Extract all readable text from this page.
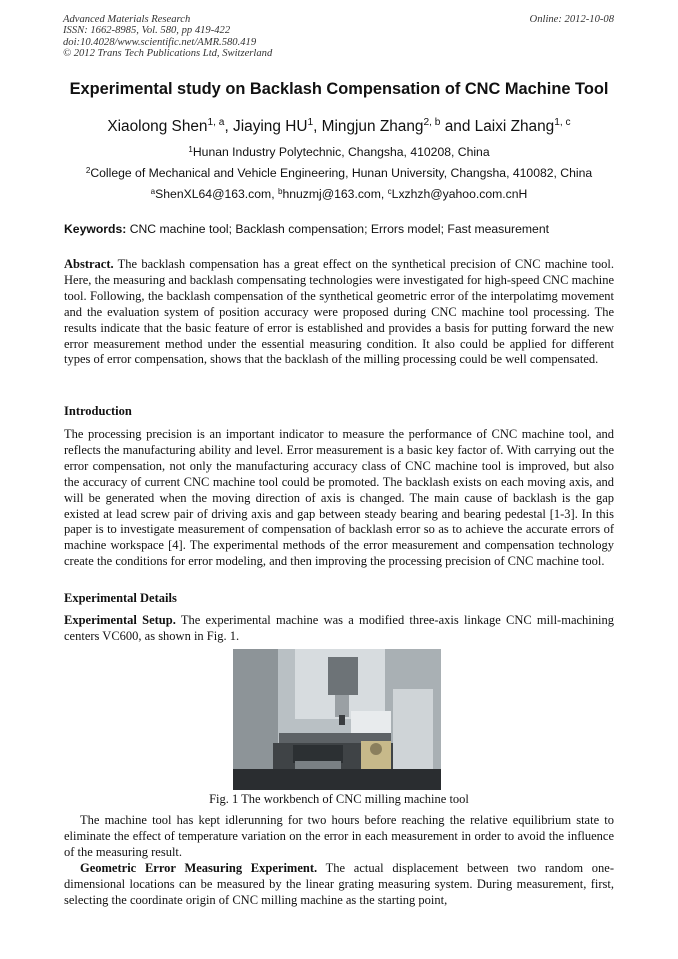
Advanced Materials Research
ISSN: 1662-8985, Vol. 580, pp 419-422
doi:10.4028/www.scientific.net/AMR.580.419
© 2012 Trans Tech Publications Ltd, Switzerland
Online: 2012-10-08
Experimental study on Backlash Compensation of CNC Machine Tool
Xiaolong Shen$^{1, a}$, Jiaying $HU^1$, Mingjun Zhang$^{2, b}$ and Laixi Zhang$^{1, c}$
$^1$Hunan Industry Polytechnic, Changsha, 410208, China
$^2$College of Mechanical and Vehicle Engineering, Hunan University, Changsha, 410082, China
$^a$ShenXL64@163.com, $^b$hnuzmj@163.com, $^c$Lxzhzh@yahoo.com.cnH
Keywords: CNC machine tool; Backlash compensation; Errors model; Fast measurement
Abstract. The backlash compensation has a great effect on the synthetical precision of CNC machine tool. Here, the measuring and backlash compensating technologies were investigated for high-speed CNC machine tool. Following, the backlash compensation of the synthetical geometric error of the interpolatimg movement and the evaluation system of position accuracy were proposed during CNC machine tool processing. The results indicate that the basic feature of error is established and provides a basis for putting forward the new error measurement method under the essential measuring condition. It also could be applied for different types of error compensation, shows that the backlash of the milling processing could be well compensated.
Introduction
The processing precision is an important indicator to measure the performance of CNC machine tool, and reflects the manufacturing ability and level. Error measurement is a basic key factor of. With carrying out the error compensation, not only the manufacturing accuracy class of CNC machine tool is improved, but also the accuracy of current CNC machine tool could be promoted. The backlash exists on each moving axis, and will be generated when the moving direction of axis is changed. The main cause of backlash is the gap existed at lead screw pair of driving axis and gap between steady bearing and bearing pedestal [1-3]. In this paper is to investigate measurement of compensation of backlash error so as to achieve the accurate errors of machine workspace [4]. The experimental methods of the error measurement and compensation technology create the conditions for error modeling, and then improving the processing precision of CNC machine tool.
Experimental Details
Experimental Setup. The experimental machine was a modified three-axis linkage CNC mill-machining centers VC600, as shown in Fig. 1.
Fig. 1 The workbench of CNC milling machine tool
The machine tool has kept idlerunning for two hours before reaching the relative equilibrium state to eliminate the effect of temperature variation on the error in each measurement in order to avoid the influence of the measuring result.
Geometric Error Measuring Experiment. The actual displacement between two random one-dimensional locations can be measured by the linear grating measuring system. During measurement, first, selecting the coordinate origin of CNC milling machine as the starting point,
